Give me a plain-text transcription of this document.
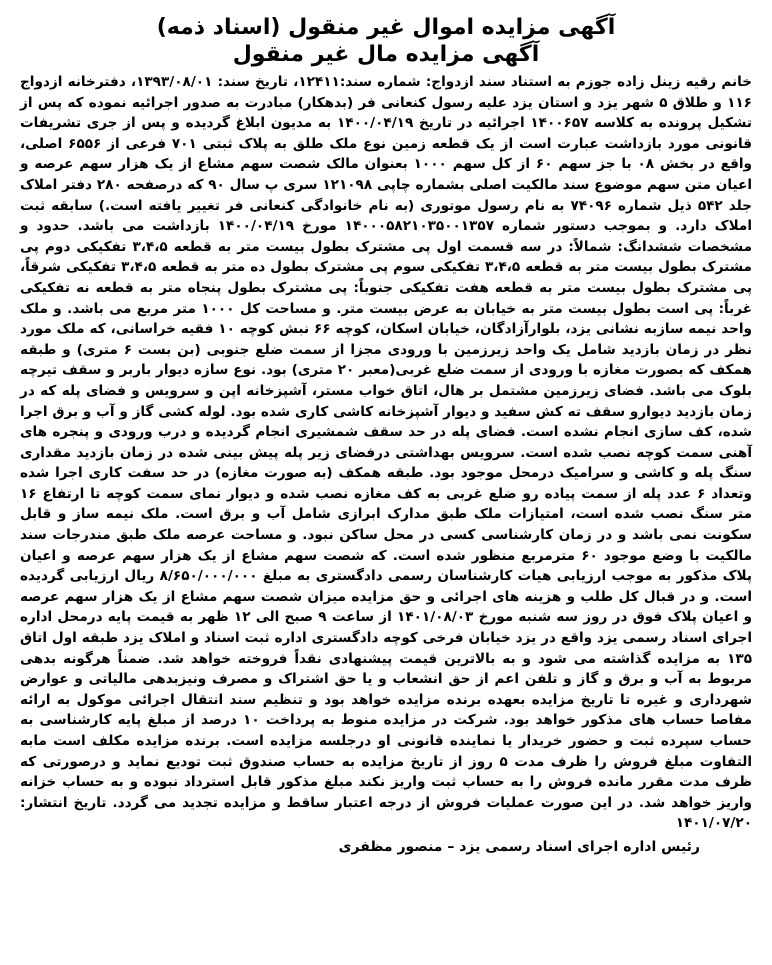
آگهی مزایده اموال غیر منقول (اسناد ذمه)
آگهی مزایده مال غیر منقول

خانم رقیه زینل زاده جوزم به استناد سند ازدواج: شماره سند:۱۲۴۱۱، تاریخ سند: ۱۳۹۳/۰۸/۰۱، دفترخانه ازدواج ۱۱۶ و طلاق ۵ شهر یزد و استان یزد علیه رسول کنعانی فر (بدهکار) مبادرت به صدور اجرائیه نموده که پس از تشکیل پرونده به کلاسه ۱۴۰۰۶۵۷ اجرائیه در تاریخ ۱۴۰۰/۰۴/۱۹ به مدیون ابلاغ گردیده و پس از جری تشریفات قانونی مورد بازداشت عبارت است از یک قطعه زمین نوع ملک طلق به پلاک ثبتی ۷۰۱ فرعی از ۶۵۵۶ اصلی، واقع در بخش ۰۸ با جز سهم ۶۰ از کل سهم ۱۰۰۰ بعنوان مالک شصت سهم مشاع از یک هزار سهم عرصه و اعیان متن سهم موضوع سند مالکیت اصلی بشماره چاپی ۱۲۱۰۹۸ سری پ سال ۹۰ که درصفحه ۲۸۰ دفتر املاک جلد ۵۴۲ ذیل شماره ۷۴۰۹۶ به نام رسول موتوری (به نام خانوادگی کنعانی فر تغییر یافته است.) سابقه ثبت املاک دارد. و بموجب دستور شماره ۱۴۰۰۰۵۸۲۱۰۳۵۰۰۱۳۵۷ مورخ ۱۴۰۰/۰۴/۱۹ بازداشت می باشد. حدود و مشخصات ششدانگ: شمالاً: در سه قسمت اول پی مشترک بطول بیست متر به قطعه ۳،۴،۵ تفکیکی دوم پی مشترک بطول بیست متر به قطعه ۳،۴،۵ تفکیکی سوم پی مشترک بطول ده متر به قطعه ۳،۴،۵ تفکیکی شرقاً، پی مشترک بطول بیست متر به قطعه هفت تفکیکی جنوباً: پی مشترک بطول پنجاه متر به قطعه نه تفکیکی غرباً: پی است بطول بیست متر به خیابان به عرض بیست متر. و مساحت کل ۱۰۰۰ متر مربع می باشد. و ملک واحد نیمه سازبه نشانی یزد، بلوارآزادگان، خیابان اسکان، کوچه ۶۶ نبش کوچه ۱۰ فقیه خراسانی، که ملک مورد نظر در زمان بازدید شامل یک واحد زیرزمین با ورودی مجزا از سمت ضلع جنوبی (بن بست ۶ متری) و طبقه همکف که بصورت مغازه با ورودی از سمت ضلع غربی(معبر ۲۰ متری) بود. نوع سازه دیوار باربر و سقف تیرچه بلوک می باشد. فضای زیرزمین مشتمل بر هال، اتاق خواب مستر، آشپزخانه اپن و سرویس و فضای پله که در زمان بازدید دیوارو سقف ته کش سفید و دیوار آشپزخانه کاشی کاری شده بود. لوله کشی گاز و آب و برق اجرا شده، کف سازی انجام نشده است. فضای پله در حد سقف شمشیری انجام گردیده و درب ورودی و پنجره های آهنی سمت کوچه نصب شده است. سرویس بهداشتی درفضای زیر پله پیش بینی شده در زمان بازدید مقداری سنگ پله و کاشی و سرامیک درمحل موجود بود. طبقه همکف (به صورت مغازه) در حد سفت کاری اجرا شده وتعداد ۶ عدد پله از سمت پیاده رو ضلع غربی به کف مغازه نصب شده و دیوار نمای سمت کوچه تا ارتفاع ۱۶ متر سنگ نصب شده است، امتیازات ملک طبق مدارک ابرازی شامل آب و برق است. ملک نیمه ساز و قابل سکونت نمی باشد و در زمان کارشناسی کسی در محل ساکن نبود. و مساحت عرصه ملک طبق مندرجات سند مالکیت با وضع موجود ۶۰ مترمربع منظور شده است. که شصت سهم مشاع از یک هزار سهم عرصه و اعیان پلاک مذکور به موجب ارزیابی هیات کارشناسان رسمی دادگستری به مبلغ ۸/۶۵۰/۰۰۰/۰۰۰ ریال ارزیابی گردیده است. و در قبال کل طلب و هزینه های اجرائی و حق مزایده میزان شصت سهم مشاع از یک هزار سهم عرصه و اعیان پلاک فوق در روز سه شنبه مورخ ۱۴۰۱/۰۸/۰۳ از ساعت ۹ صبح الی ۱۲ ظهر به قیمت پایه درمحل اداره اجرای اسناد رسمی یزد واقع در یزد خیابان فرخی کوچه دادگستری اداره ثبت اسناد و املاک یزد طبقه اول اتاق ۱۳۵ به مزایده گذاشته می شود و به بالاترین قیمت پیشنهادی نقداً فروخته خواهد شد. ضمناً هرگونه بدهی مربوط به آب و برق و گاز و تلفن اعم از حق انشعاب و یا حق اشتراک و مصرف ونیزبدهی مالیاتی و عوارض شهرداری و غیره تا تاریخ مزایده بعهده برنده مزایده خواهد بود و تنظیم سند انتقال اجرائی موکول به ارائه مفاصا حساب های مذکور خواهد بود. شرکت در مزایده منوط به پرداخت ۱۰ درصد از مبلغ پایه کارشناسی به حساب سپرده ثبت و حضور خریدار یا نماینده قانونی او درجلسه مزایده است. برنده مزایده مکلف است مابه التفاوت مبلغ فروش را ظرف مدت ۵ روز از تاریخ مزایده به حساب صندوق ثبت تودیع نماید و درصورتی که ظرف مدت مقرر مانده فروش را به حساب ثبت واریز نکند مبلغ مذکور قابل استرداد نبوده و به حساب خزانه واریز خواهد شد. در این صورت عملیات فروش از درجه اعتبار ساقط و مزایده تجدید می گردد. تاریخ انتشار: ۱۴۰۱/۰۷/۲۰

رئیس اداره اجرای اسناد رسمی یزد – منصور مظفری
